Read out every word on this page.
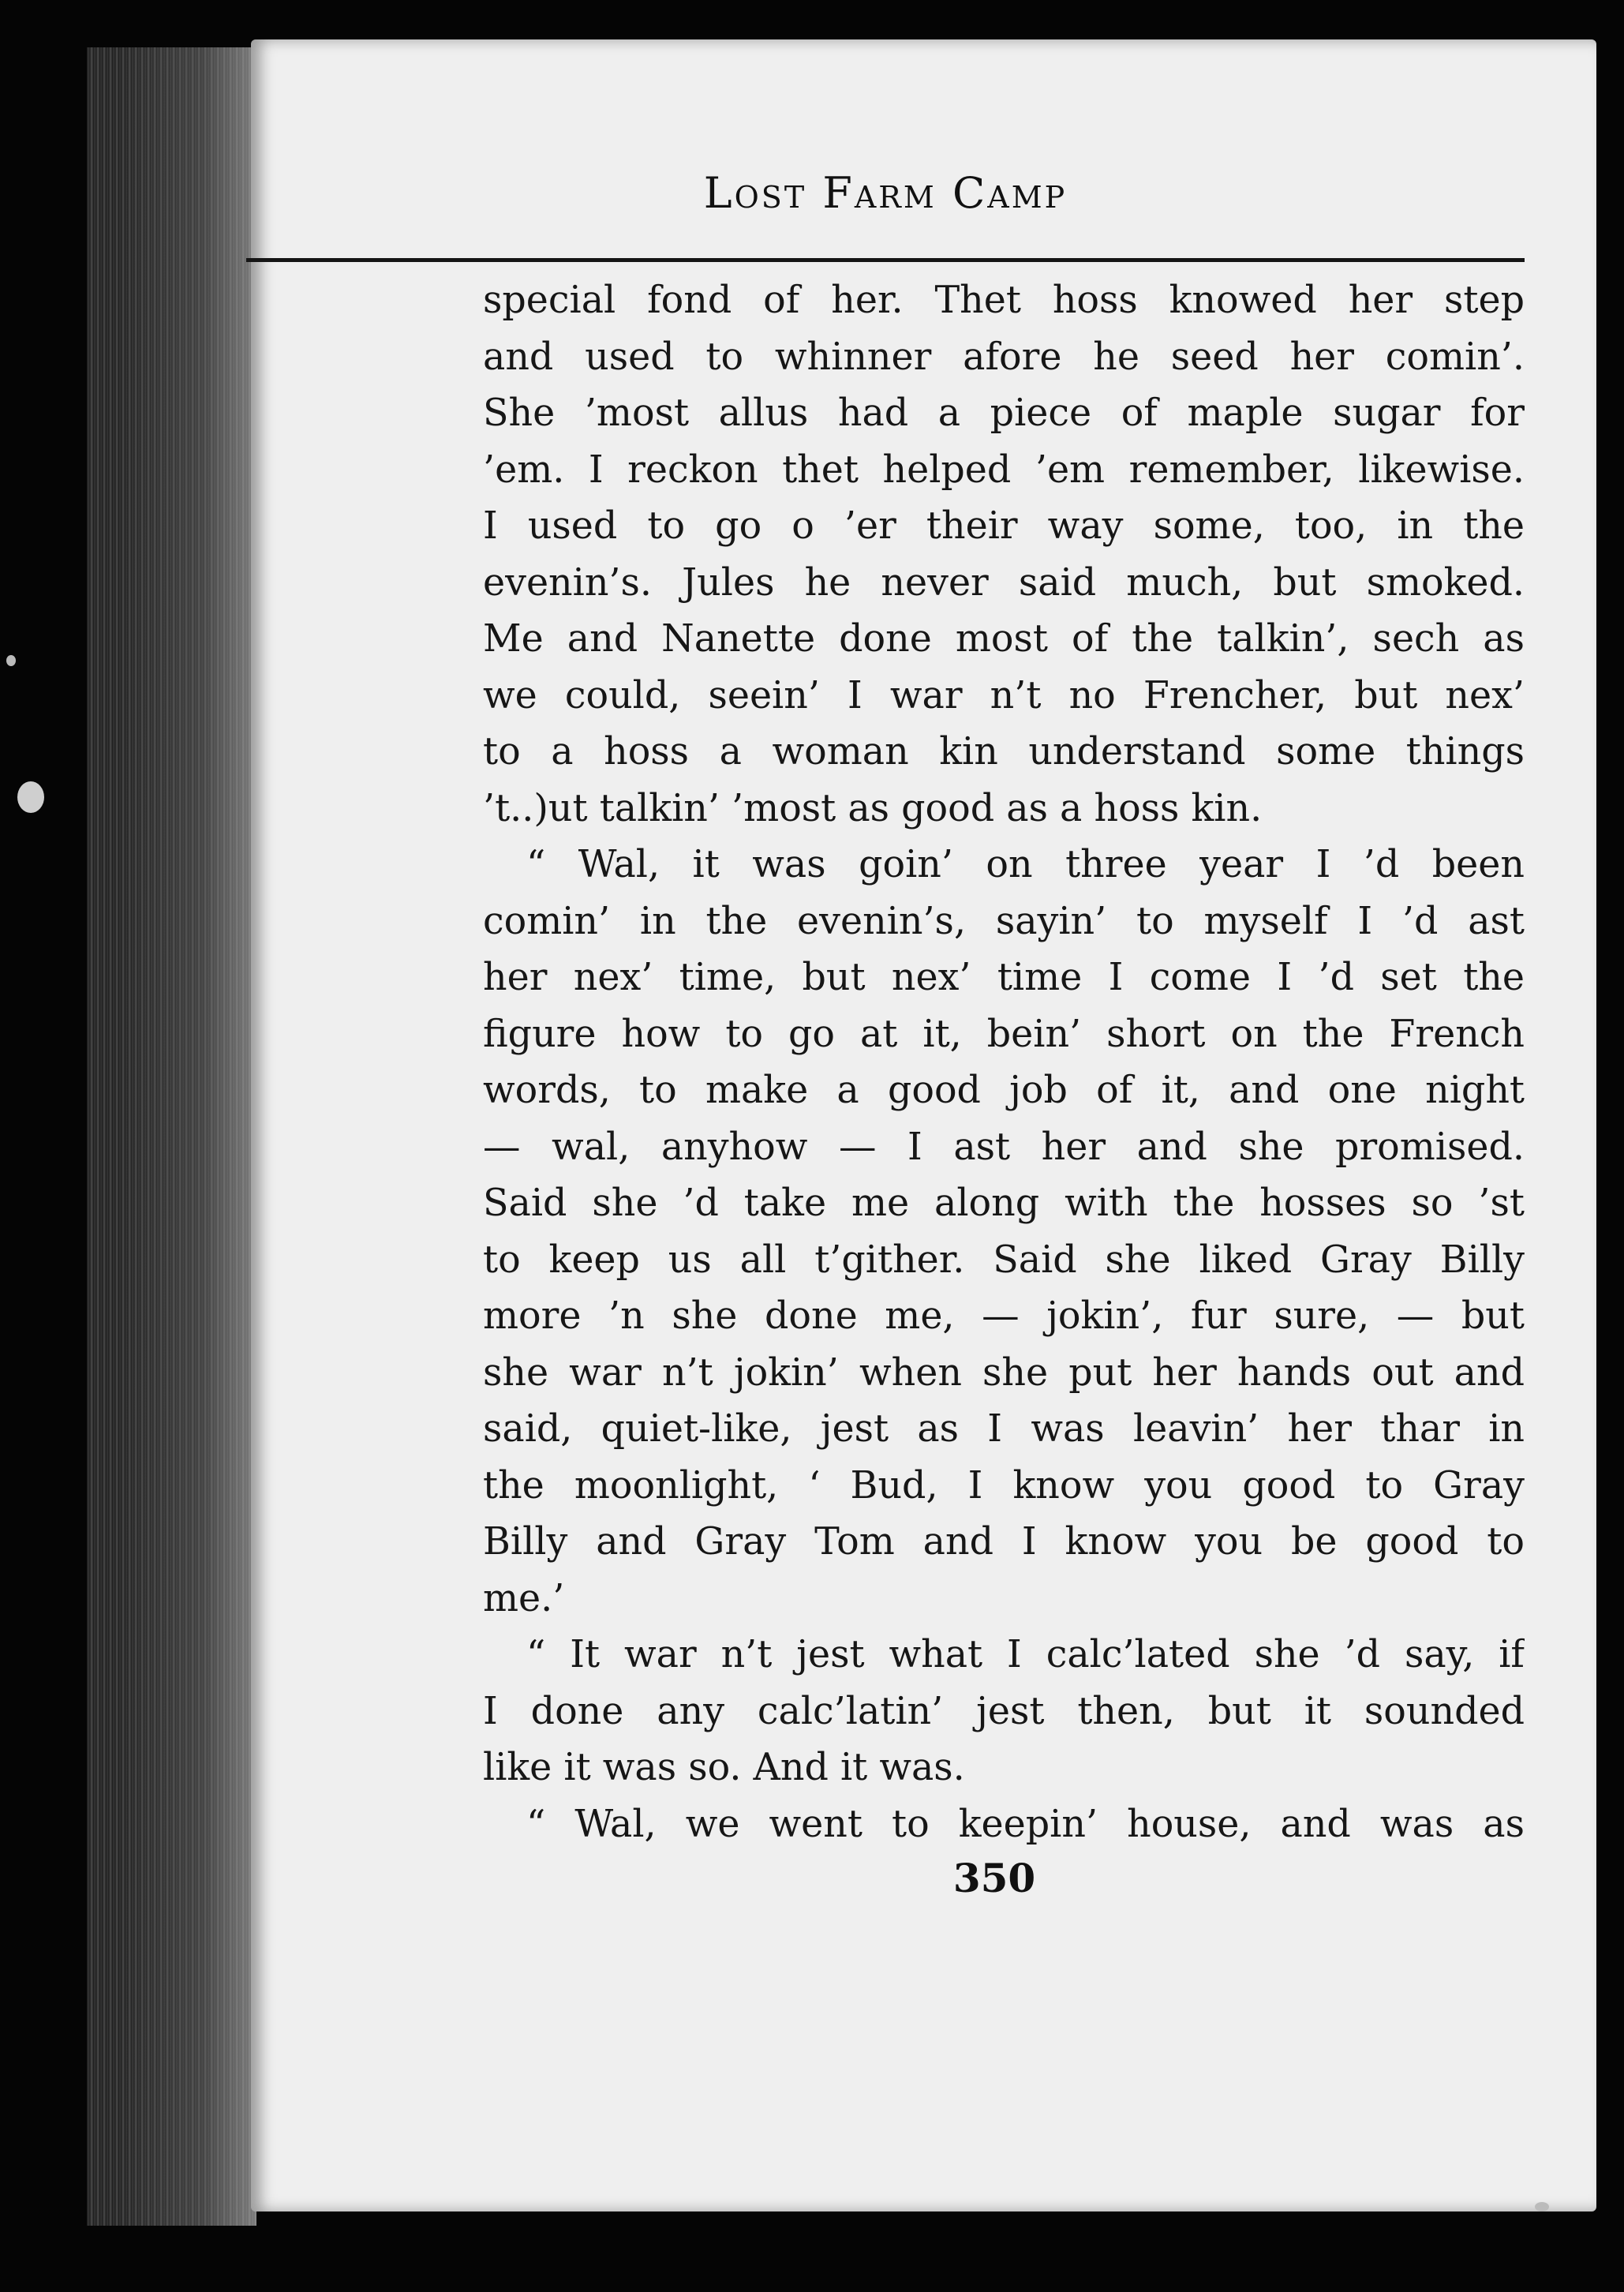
Lost Farm Camp
special fond of her. Thet hoss knowed her step
and used to whinner afore he seed her comin’.
She ’most allus had a piece of maple sugar for
’em. I reckon thet helped ’em remember, likewise.
I used to go o ’er their way some, too, in the
evenin’s. Jules he never said much, but smoked.
Me and Nanette done most of the talkin’, sech as
we could, seein’ I war n’t no Frencher, but nex’
to a hoss a woman kin understand some things
’t..)ut talkin’ ’most as good as a hoss kin.
“ Wal, it was goin’ on three year I ’d been
comin’ in the evenin’s, sayin’ to myself I ’d ast
her nex’ time, but nex’ time I come I ’d set the
figure how to go at it, bein’ short on the French
words, to make a good job of it, and one night
— wal, anyhow — I ast her and she promised.
Said she ’d take me along with the hosses so ’st
to keep us all t’gither. Said she liked Gray Billy
more ’n she done me, — jokin’, fur sure, — but
she war n’t jokin’ when she put her hands out and
said, quiet-like, jest as I was leavin’ her thar in
the moonlight, ‘ Bud, I know you good to Gray
Billy and Gray Tom and I know you be good to
me.’
“ It war n’t jest what I calc’lated she ’d say, if
I done any calc’latin’ jest then, but it sounded
like it was so. And it was.
“ Wal, we went to keepin’ house, and was as
350
